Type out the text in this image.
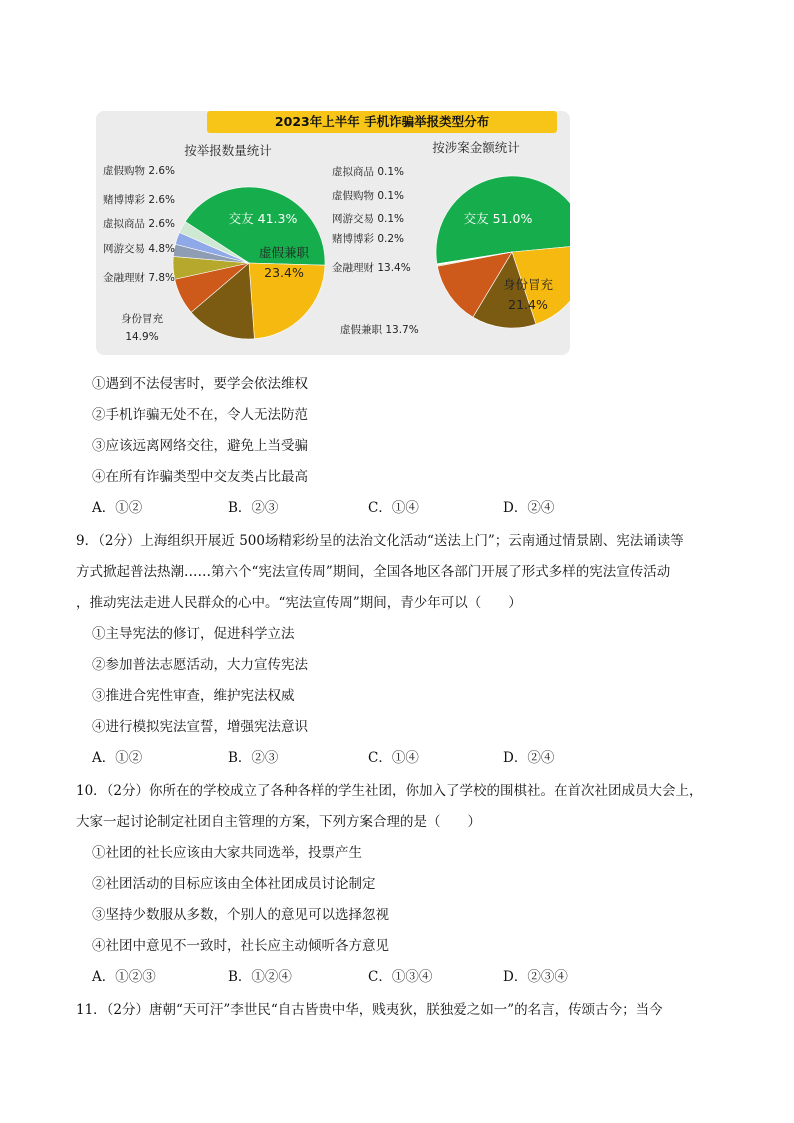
2023年上半年 手机诈骗举报类型分布
按举报数量统计	按涉案金额统计
交友 41.3%
虚假兼职
23.4%
虚假购物 2.6%
赌博博彩 2.6%
虚拟商品 2.6%
网游交易 4.8%
金融理财 7.8%
身份冒充
14.9%
交友 51.0%
身份冒充
21.4%
虚拟商品 0.1%
虚假购物 0.1%
网游交易 0.1%
赌博博彩 0.2%
金融理财 13.4%
虚假兼职 13.7%
①遇到不法侵害时，要学会依法维权
②手机诈骗无处不在，令人无法防范
③应该远离网络交往，避免上当受骗
④在所有诈骗类型中交友类占比最高
A．①②	B．②③	C．①④	D．②④
9．（2分）上海组织开展近 500场精彩纷呈的法治文化活动“送法上门”；云南通过情景剧、宪法诵读等
方式掀起普法热潮……第六个“宪法宣传周”期间，全国各地区各部门开展了形式多样的宪法宣传活动
，推动宪法走进人民群众的心中。“宪法宣传周”期间，青少年可以（　　）
①主导宪法的修订，促进科学立法
②参加普法志愿活动，大力宣传宪法
③推进合宪性审查，维护宪法权威
④进行模拟宪法宣誓，增强宪法意识
A．①②	B．②③	C．①④	D．②④
10．（2分）你所在的学校成立了各种各样的学生社团，你加入了学校的围棋社。在首次社团成员大会上，
大家一起讨论制定社团自主管理的方案，下列方案合理的是（　　）
①社团的社长应该由大家共同选举，投票产生
②社团活动的目标应该由全体社团成员讨论制定
③坚持少数服从多数，个别人的意见可以选择忽视
④社团中意见不一致时，社长应主动倾听各方意见
A．①②③	B．①②④	C．①③④	D．②③④
11．（2分）唐朝“天可汗”李世民“自古皆贵中华，贱夷狄，朕独爱之如一”的名言，传颂古今；当今
